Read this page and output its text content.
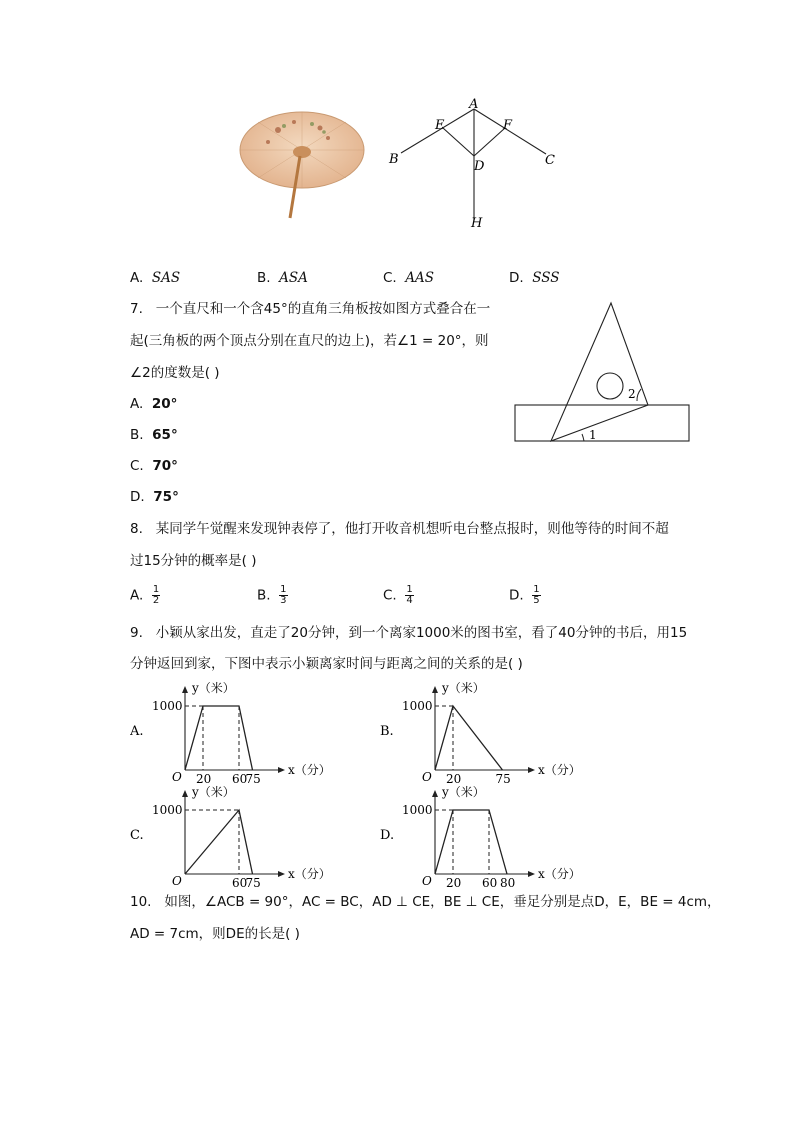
A
E	F
B	C
D
H
A. SAS	B. ASA	C. AAS	D. SSS
7. 一个直尺和一个含45°的直角三角板按如图方式叠合在一
起(三角板的两个顶点分别在直尺的边上)，若∠1 = 20°，则
∠2的度数是( )
A. 20°
B. 65°
C. 70°
D. 75°
1
2
8. 某同学午觉醒来发现钟表停了，他打开收音机想听电台整点报时，则他等待的时间不超
过15分钟的概率是( )
A. $\frac{1}{2}$	B. $\frac{1}{3}$	C. $\frac{1}{4}$	D. $\frac{1}{5}$
9. 小颖从家出发，直走了20分钟，到一个离家1000米的图书室，看了40分钟的书后，用15
分钟返回到家，下图中表示小颖离家时间与距离之间的关系的是( )
A.
y（米）
x（分）
O
1000
20 60
75
B.
y（米）
x（分）
O
1000
20	75
C.
y（米）
x（分）
O
1000
60
75
D.
y（米）
x（分）
O
1000
20 60 80
10. 如图，∠ACB = 90°，AC = BC，AD ⊥ CE，BE ⊥ CE，垂足分别是点D，E，BE = 4cm，
AD = 7cm，则DE的长是( )
